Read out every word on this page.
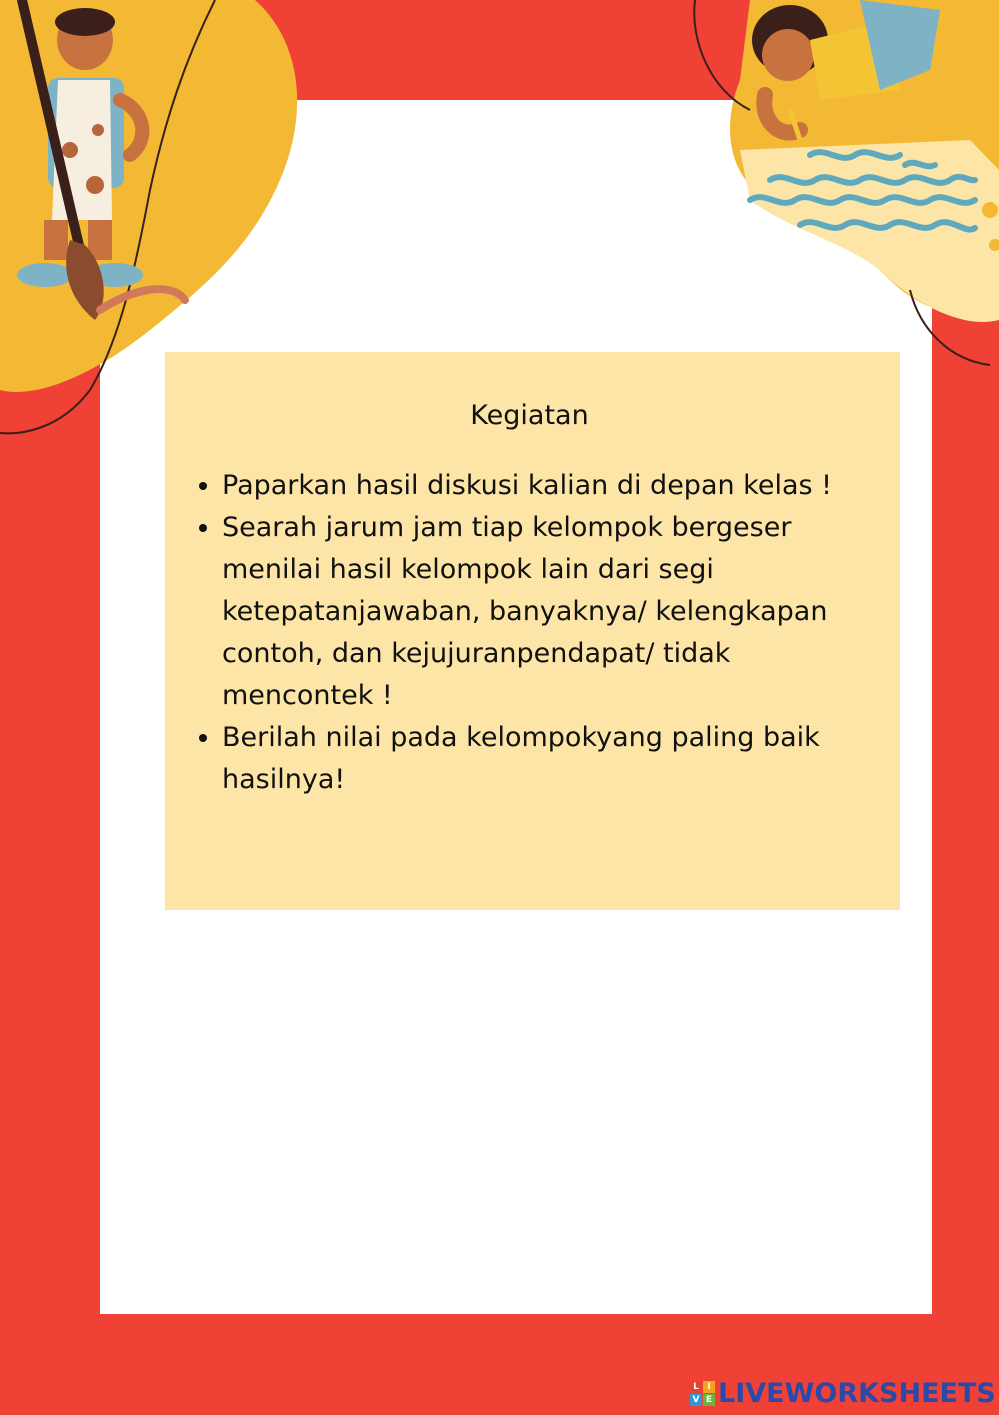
Kegiatan
• Paparkan hasil diskusi kalian di depan kelas !
• Searah jarum jam tiap kelompok bergeser menilai hasil kelompok lain dari segi ketepatanjawaban, banyaknya/ kelengkapan contoh, dan kejujuranpendapat/ tidak mencontek !
• Berilah nilai pada kelompokyang paling baik hasilnya!
L I
V E LIVEWORKSHEETS
